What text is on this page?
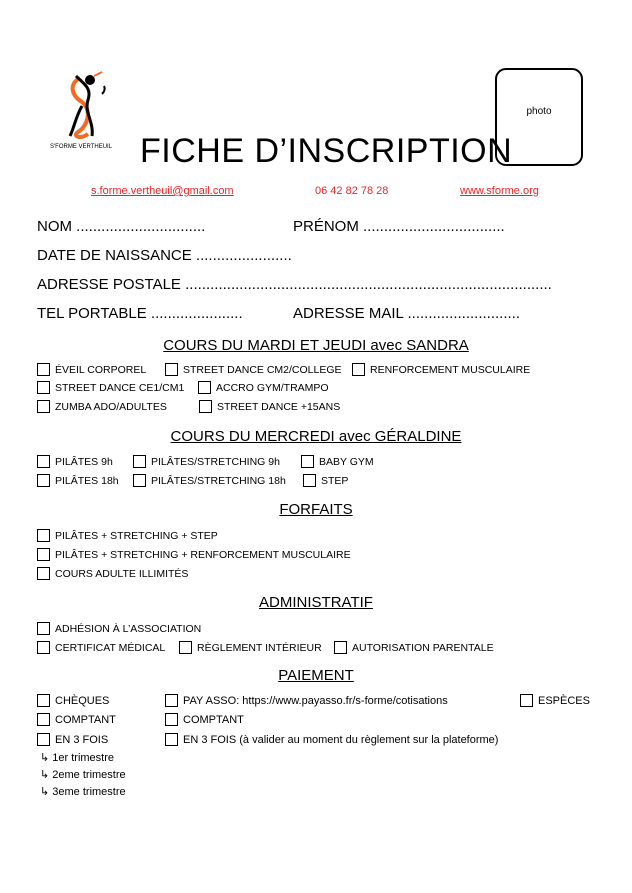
S'FORME VERTHEUIL FICHE D’INSCRIPTION
photo
s.forme.vertheuil@gmail.com	06 42 82 78 28	www.sforme.org
NOM ...............................	PRÉNOM ..................................
DATE DE NAISSANCE .......................
ADRESSE POSTALE ........................................................................................
TEL PORTABLE ......................	ADRESSE MAIL ...........................
COURS DU MARDI ET JEUDI avec SANDRA
ÉVEIL CORPOREL	STREET DANCE CM2/COLLEGE	RENFORCEMENT MUSCULAIRE
STREET DANCE CE1/CM1	ACCRO GYM/TRAMPO
ZUMBA ADO/ADULTES	STREET DANCE +15ANS
COURS DU MERCREDI avec GÉRALDINE
PILÂTES 9h	PILÂTES/STRETCHING 9h	BABY GYM
PILÂTES 18h	PILÂTES/STRETCHING 18h	STEP
FORFAITS
PILÂTES + STRETCHING + STEP
PILÂTES + STRETCHING + RENFORCEMENT MUSCULAIRE
COURS ADULTE ILLIMITÉS
ADMINISTRATIF
ADHÉSION À L’ASSOCIATION
CERTIFICAT MÉDICAL	RÈGLEMENT INTÉRIEUR	AUTORISATION PARENTALE
PAIEMENT
CHÈQUES	PAY ASSO: https://www.payasso.fr/s-forme/cotisations	ESPÈCES
COMPTANT	COMPTANT
EN 3 FOIS	EN 3 FOIS (à valider au moment du règlement sur la plateforme)
↳ 1er trimestre
↳ 2eme trimestre
↳ 3eme trimestre
